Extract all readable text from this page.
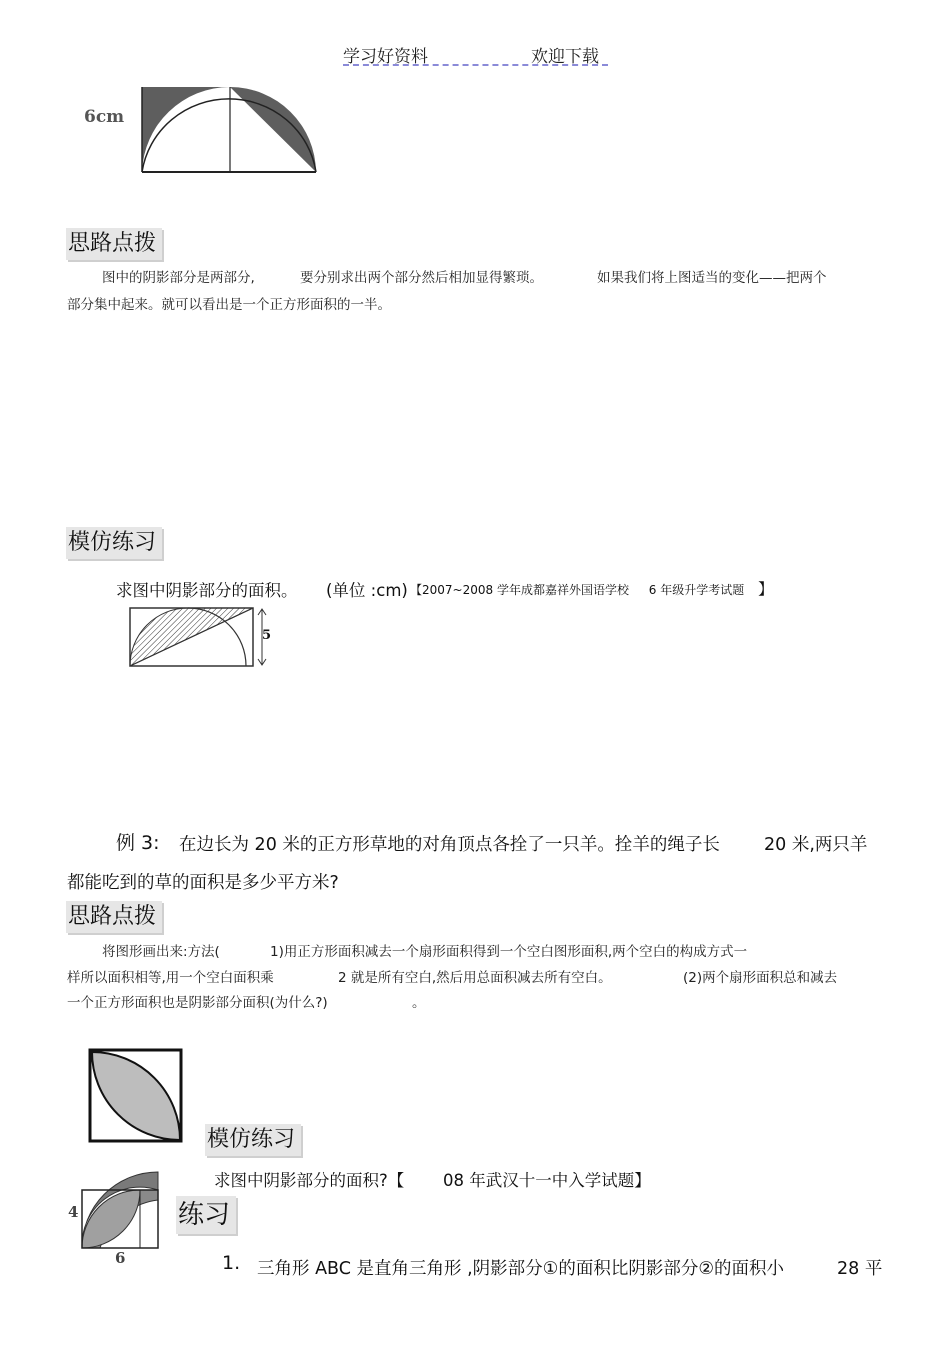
学习好资料	欢迎下载
6cm
思路点拨
图中的阴影部分是两部分,	要分别求出两个部分然后相加显得繁琐。	如果我们将上图适当的变化——把两个
部分集中起来。就可以看出是一个正方形面积的一半。
模仿练习
求图中阴影部分的面积。 (单位 :cm) 【2007~2008 学年成都嘉祥外国语学校 6 年级升学考试题 】
5
例 3: 在边长为 20 米的正方形草地的对角顶点各拴了一只羊。拴羊的绳子长	20 米,两只羊
都能吃到的草的面积是多少平方米?
思路点拨
将图形画出来:方法(	1)用正方形面积减去一个扇形面积得到一个空白图形面积,两个空白的构成方式一
样所以面积相等,用一个空白面积乘	2 就是所有空白,然后用总面积减去所有空白。	(2)两个扇形面积总和减去
一个正方形面积也是阴影部分面积(为什么?)	。
模仿练习
求图中阴影部分的面积?【 08 年武汉十一中入学试题】
4
6
练习
1. 三角形 ABC 是直角三角形 ,阴影部分①的面积比阴影部分②的面积小	28 平
